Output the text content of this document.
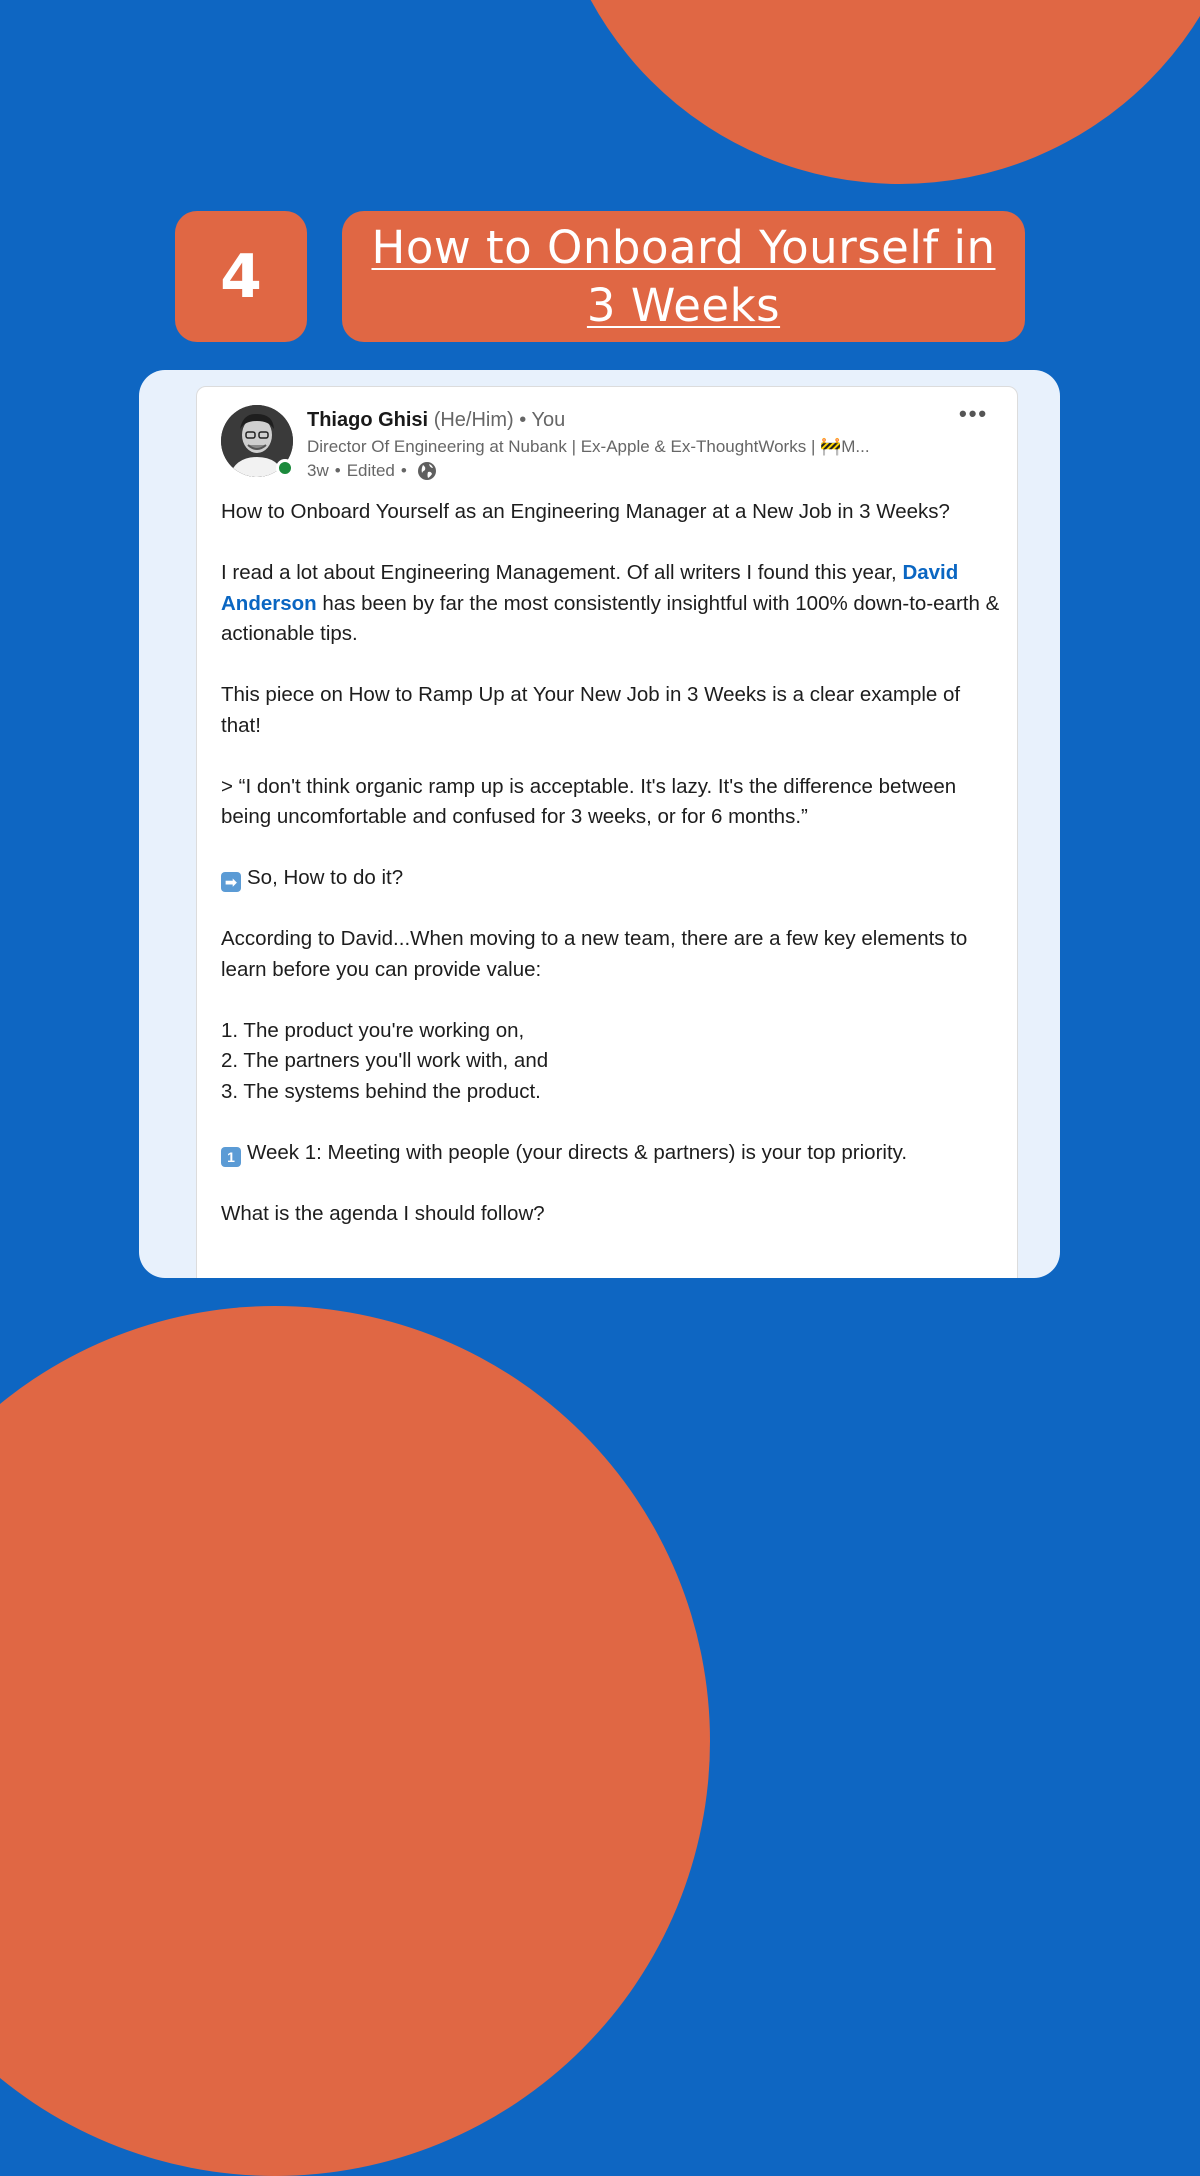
4 How to Onboard Yourself in 3 Weeks
Thiago Ghisi (He/Him) • You
Director Of Engineering at Nubank | Ex-Apple & Ex-ThoughtWorks | 🚧M...
3w • Edited •
•••

How to Onboard Yourself as an Engineering Manager at a New Job in 3 Weeks?

I read a lot about Engineering Management. Of all writers I found this year, David Anderson has been by far the most consistently insightful with 100% down-to-earth & actionable tips.

This piece on How to Ramp Up at Your New Job in 3 Weeks is a clear example of that!

> “I don't think organic ramp up is acceptable. It's lazy. It's the difference between being uncomfortable and confused for 3 weeks, or for 6 months.”

➡ So, How to do it?

According to David...When moving to a new team, there are a few key elements to learn before you can provide value:

1. The product you're working on,
2. The partners you'll work with, and
3. The systems behind the product.

1 Week 1: Meeting with people (your directs & partners) is your top priority.

What is the agenda I should follow?
